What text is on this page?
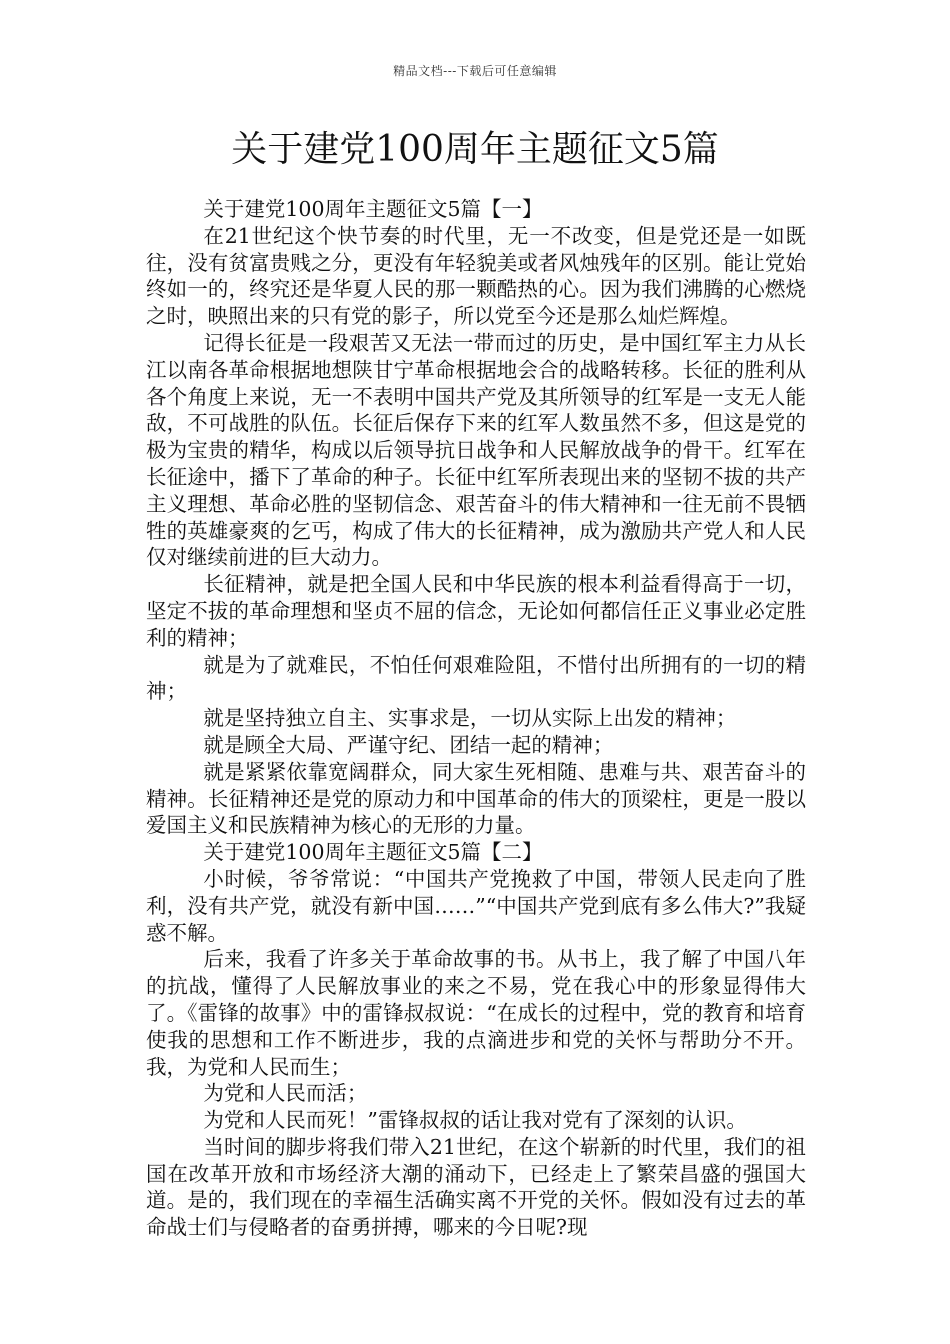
精品文档---下载后可任意编辑
关于建党100周年主题征文5篇

关于建党100周年主题征文5篇【一】

在21世纪这个快节奏的时代里，无一不改变，但是党还是一如既往，没有贫富贵贱之分，更没有年轻貌美或者风烛残年的区别。能让党始终如一的，终究还是华夏人民的那一颗酷热的心。因为我们沸腾的心燃烧之时，映照出来的只有党的影子，所以党至今还是那么灿烂辉煌。

记得长征是一段艰苦又无法一带而过的历史，是中国红军主力从长江以南各革命根据地想陕甘宁革命根据地会合的战略转移。长征的胜利从各个角度上来说，无一不表明中国共产党及其所领导的红军是一支无人能敌，不可战胜的队伍。长征后保存下来的红军人数虽然不多，但这是党的极为宝贵的精华，构成以后领导抗日战争和人民解放战争的骨干。红军在长征途中，播下了革命的种子。长征中红军所表现出来的坚韧不拔的共产主义理想、革命必胜的坚韧信念、艰苦奋斗的伟大精神和一往无前不畏牺牲的英雄豪爽的乞丐，构成了伟大的长征精神，成为激励共产党人和人民仅对继续前进的巨大动力。

长征精神，就是把全国人民和中华民族的根本利益看得高于一切，坚定不拔的革命理想和坚贞不屈的信念，无论如何都信任正义事业必定胜利的精神；

就是为了就难民，不怕任何艰难险阻，不惜付出所拥有的一切的精神；

就是坚持独立自主、实事求是，一切从实际上出发的精神；

就是顾全大局、严谨守纪、团结一起的精神；

就是紧紧依靠宽阔群众，同大家生死相随、患难与共、艰苦奋斗的精神。长征精神还是党的原动力和中国革命的伟大的顶梁柱，更是一股以爱国主义和民族精神为核心的无形的力量。

关于建党100周年主题征文5篇【二】

小时候，爷爷常说：“中国共产党挽救了中国，带领人民走向了胜利，没有共产党，就没有新中国……”“中国共产党到底有多么伟大?”我疑惑不解。

后来，我看了许多关于革命故事的书。从书上，我了解了中国八年的抗战，懂得了人民解放事业的来之不易，党在我心中的形象显得伟大了。《雷锋的故事》中的雷锋叔叔说：“在成长的过程中，党的教育和培育使我的思想和工作不断进步，我的点滴进步和党的关怀与帮助分不开。我，为党和人民而生；

为党和人民而活；

为党和人民而死！”雷锋叔叔的话让我对党有了深刻的认识。

当时间的脚步将我们带入21世纪，在这个崭新的时代里，我们的祖国在改革开放和市场经济大潮的涌动下，已经走上了繁荣昌盛的强国大道。是的，我们现在的幸福生活确实离不开党的关怀。假如没有过去的革命战士们与侵略者的奋勇拼搏，哪来的今日呢?现
